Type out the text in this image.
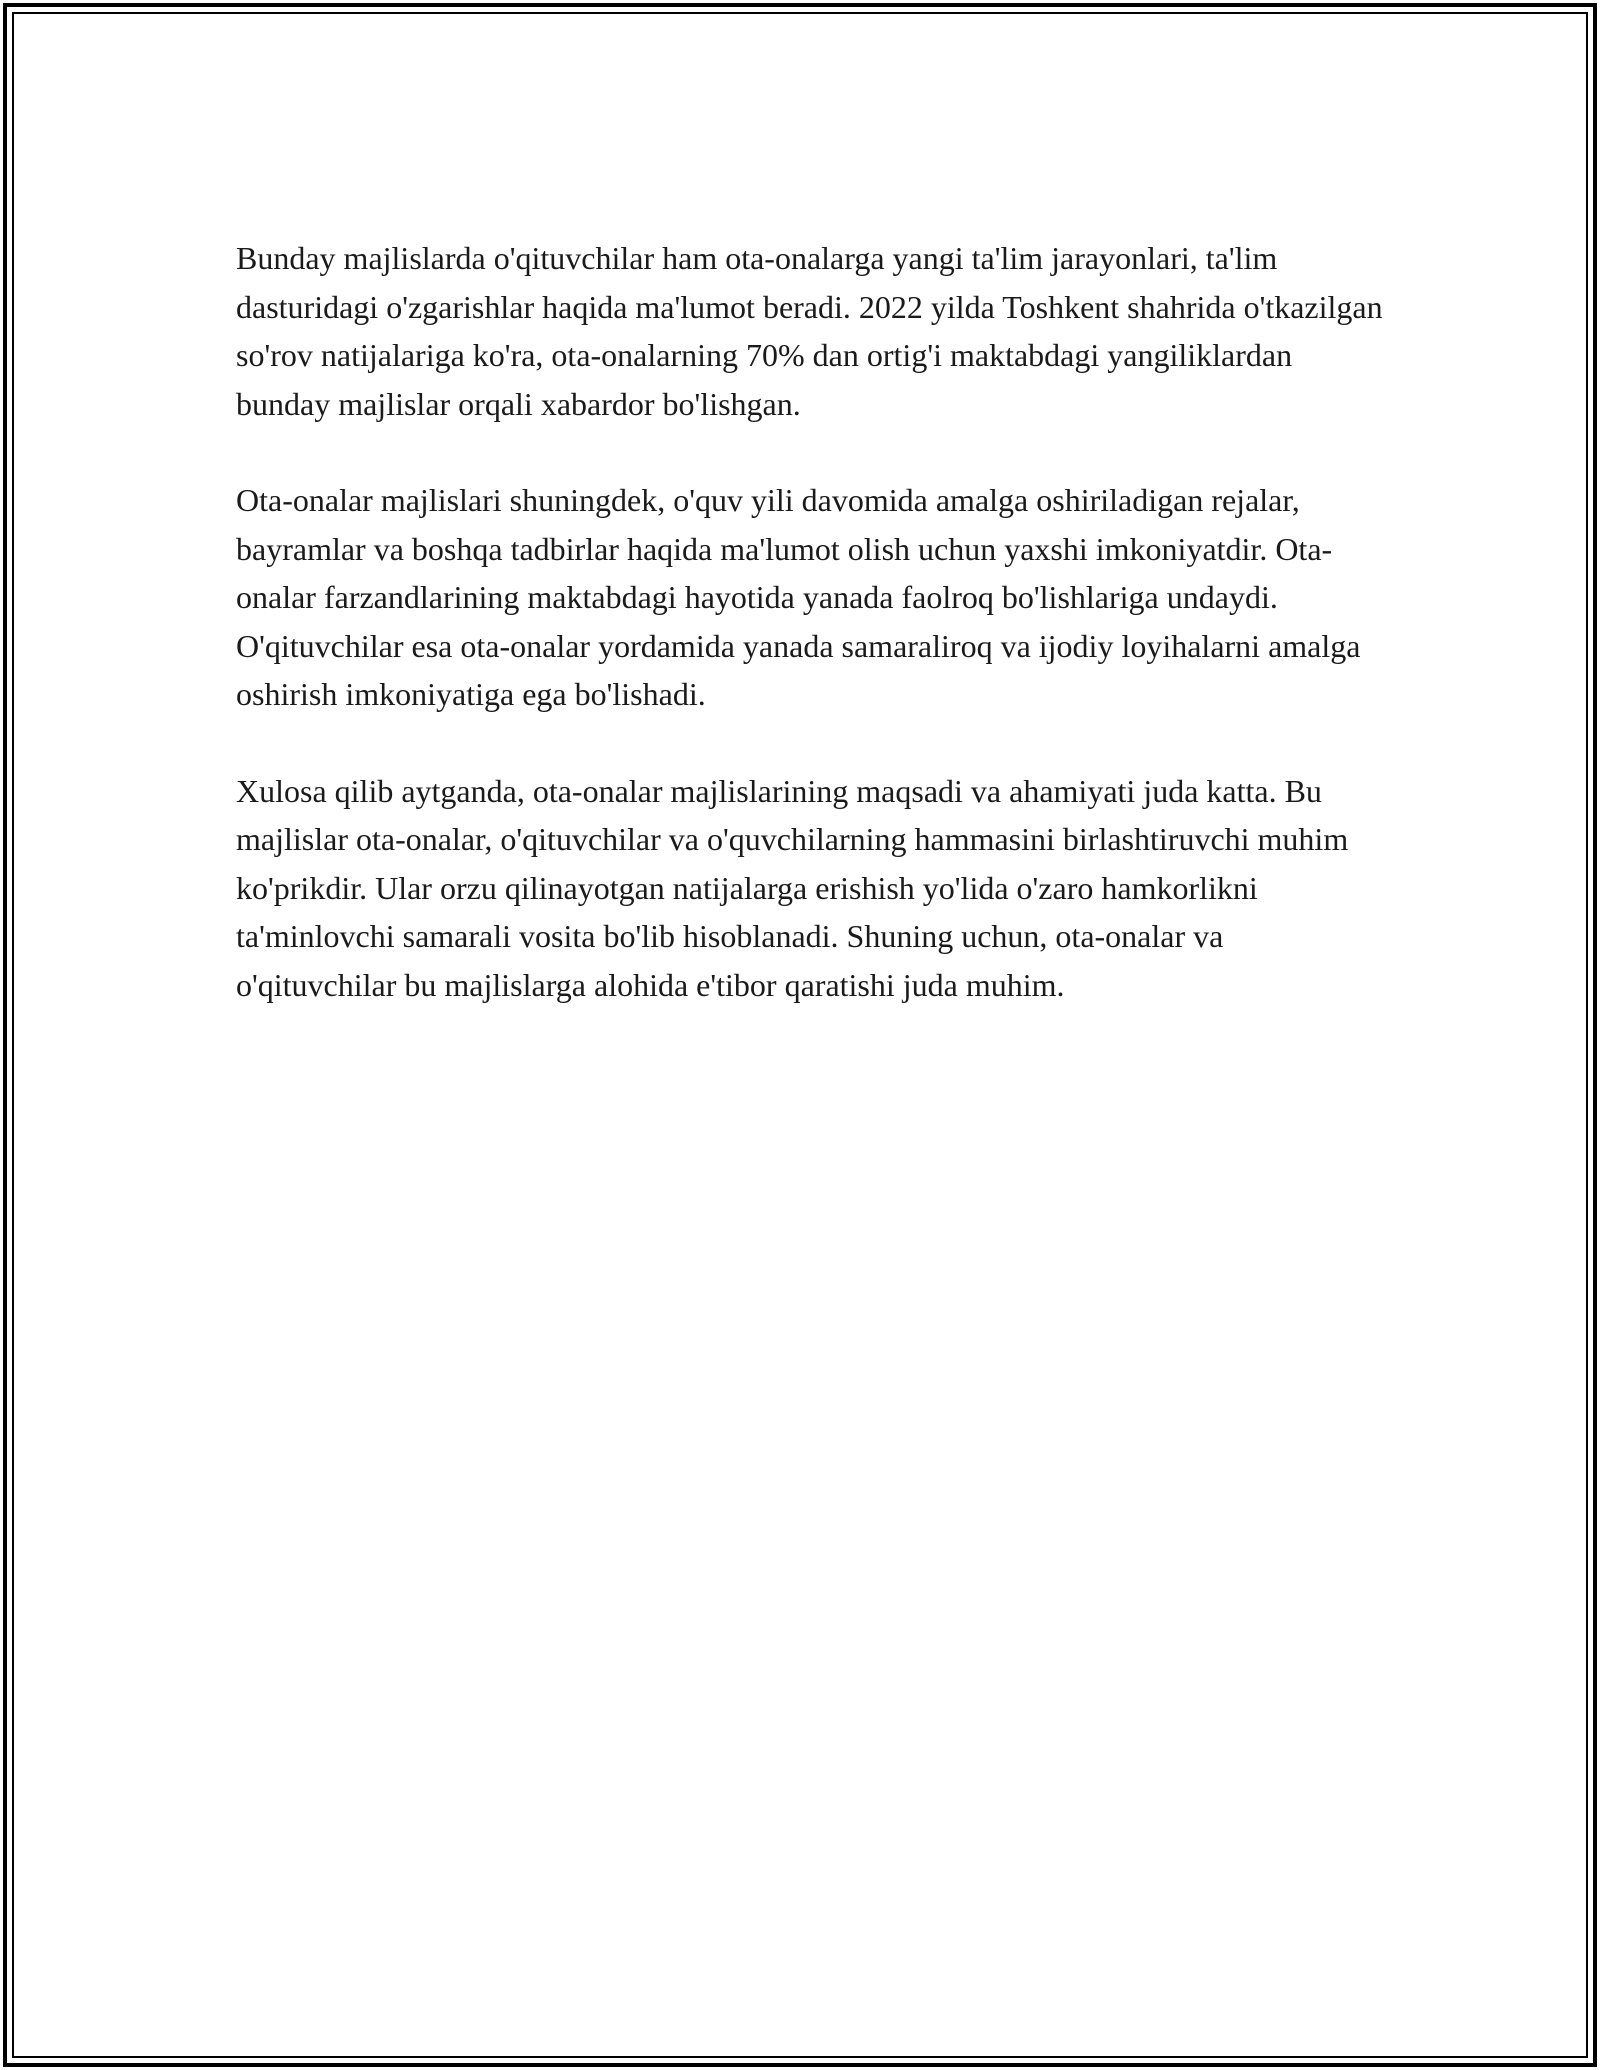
Bunday majlislarda o'qituvchilar ham ota-onalarga yangi ta'lim jarayonlari, ta'lim dasturidagi o'zgarishlar haqida ma'lumot beradi. 2022 yilda Toshkent shahrida o'tkazilgan so'rov natijalariga ko'ra, ota-onalarning 70% dan ortig'i maktabdagi yangiliklardan bunday majlislar orqali xabardor bo'lishgan.

Ota-onalar majlislari shuningdek, o'quv yili davomida amalga oshiriladigan rejalar, bayramlar va boshqa tadbirlar haqida ma'lumot olish uchun yaxshi imkoniyatdir. Ota-onalar farzandlarining maktabdagi hayotida yanada faolroq bo'lishlariga undaydi. O'qituvchilar esa ota-onalar yordamida yanada samaraliroq va ijodiy loyihalarni amalga oshirish imkoniyatiga ega bo'lishadi.

Xulosa qilib aytganda, ota-onalar majlislarining maqsadi va ahamiyati juda katta. Bu majlislar ota-onalar, o'qituvchilar va o'quvchilarning hammasini birlashtiruvchi muhim ko'prikdir. Ular orzu qilinayotgan natijalarga erishish yo'lida o'zaro hamkorlikni ta'minlovchi samarali vosita bo'lib hisoblanadi. Shuning uchun, ota-onalar va o'qituvchilar bu majlislarga alohida e'tibor qaratishi juda muhim.
